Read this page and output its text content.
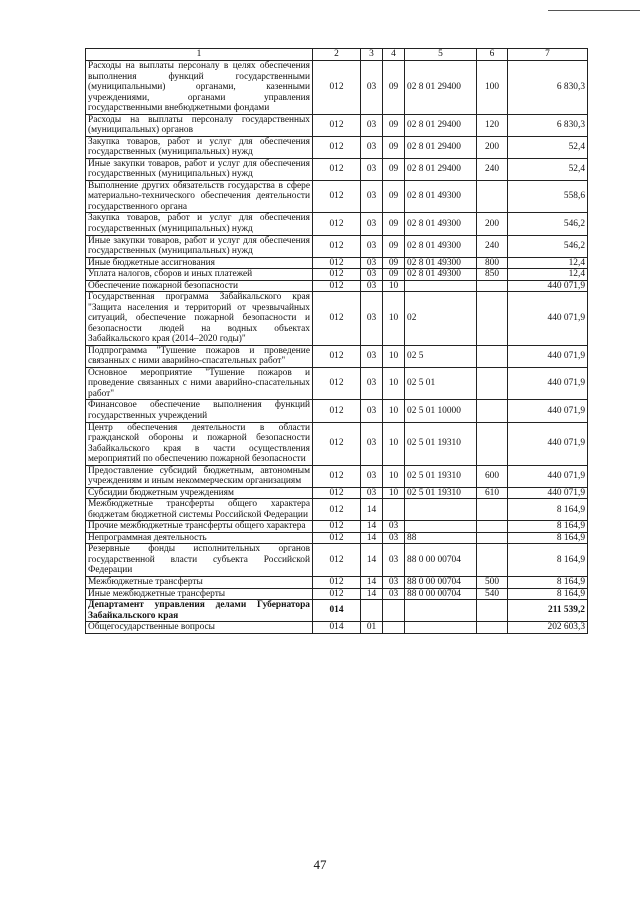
1	2	3	4	5	6	7
Расходы на выплаты персоналу в целях обеспечения выполнения функций государственными (муниципальными) органами, казенными учреждениями, органами управления государственными внебюджетными фондами	012	03	09	02 8 01 29400	100	6 830,3
Расходы на выплаты персоналу государственных (муниципальных) органов	012	03	09	02 8 01 29400	120	6 830,3
Закупка товаров, работ и услуг для обеспечения государственных (муниципальных) нужд	012	03	09	02 8 01 29400	200	52,4
Иные закупки товаров, работ и услуг для обеспечения государственных (муниципальных) нужд	012	03	09	02 8 01 29400	240	52,4
Выполнение других обязательств государства в сфере материально-технического обеспечения деятельности государственного органа	012	03	09	02 8 01 49300		558,6
Закупка товаров, работ и услуг для обеспечения государственных (муниципальных) нужд	012	03	09	02 8 01 49300	200	546,2
Иные закупки товаров, работ и услуг для обеспечения государственных (муниципальных) нужд	012	03	09	02 8 01 49300	240	546,2
Иные бюджетные ассигнования	012	03	09	02 8 01 49300	800	12,4
Уплата налогов, сборов и иных платежей	012	03	09	02 8 01 49300	850	12,4
Обеспечение пожарной безопасности	012	03	10			440 071,9
Государственная программа Забайкальского края "Защита населения и территорий от чрезвычайных ситуаций, обеспечение пожарной безопасности и безопасности людей на водных объектах Забайкальского края (2014–2020 годы)"	012	03	10	02		440 071,9
Подпрограмма "Тушение пожаров и проведение связанных с ними аварийно-спасательных работ"	012	03	10	02 5		440 071,9
Основное мероприятие "Тушение пожаров и проведение связанных с ними аварийно-спасательных работ"	012	03	10	02 5 01		440 071,9
Финансовое обеспечение выполнения функций государственных учреждений	012	03	10	02 5 01 10000		440 071,9
Центр обеспечения деятельности в области гражданской обороны и пожарной безопасности Забайкальского края в части осуществления мероприятий по обеспечению пожарной безопасности	012	03	10	02 5 01 19310		440 071,9
Предоставление субсидий бюджетным, автономным учреждениям и иным некоммерческим организациям	012	03	10	02 5 01 19310	600	440 071,9
Субсидии бюджетным учреждениям	012	03	10	02 5 01 19310	610	440 071,9
Межбюджетные трансферты общего характера бюджетам бюджетной системы Российской Федерации	012	14				8 164,9
Прочие межбюджетные трансферты общего характера	012	14	03			8 164,9
Непрограммная деятельность	012	14	03	88		8 164,9
Резервные фонды исполнительных органов государственной власти субъекта Российской Федерации	012	14	03	88 0 00 00704		8 164,9
Межбюджетные трансферты	012	14	03	88 0 00 00704	500	8 164,9
Иные межбюджетные трансферты	012	14	03	88 0 00 00704	540	8 164,9
Департамент управления делами Губернатора Забайкальского края	014					211 539,2
Общегосударственные вопросы	014	01				202 603,3
47
